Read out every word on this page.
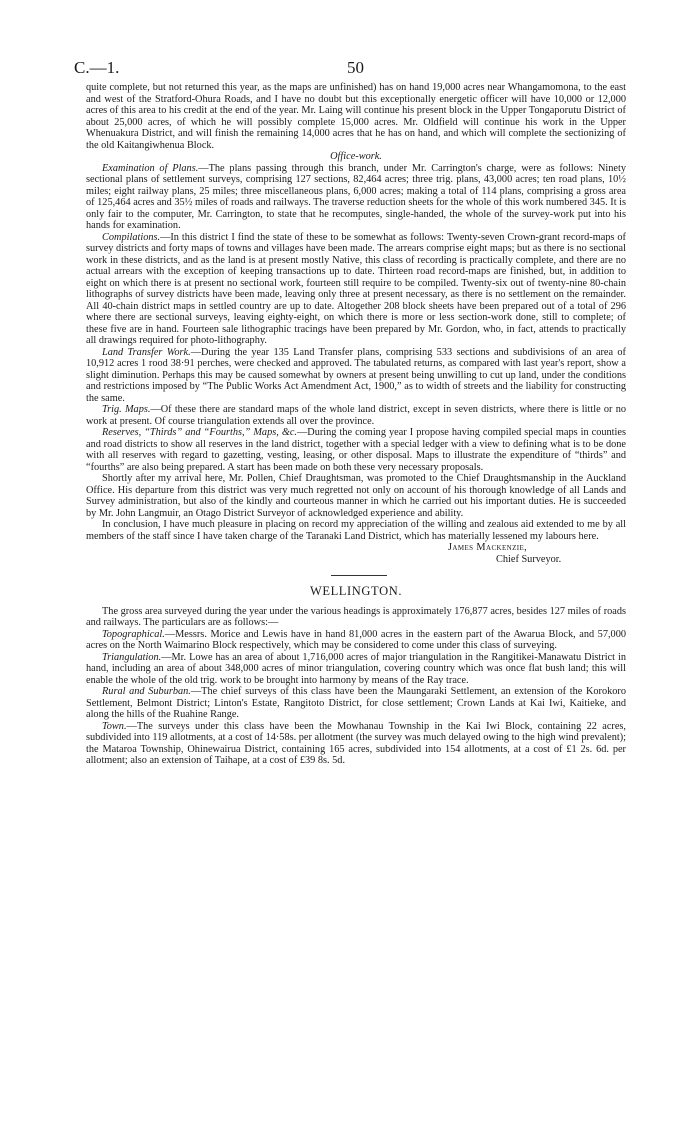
C.—1.	50

quite complete, but not returned this year, as the maps are unfinished) has on hand 19,000 acres near Whangamomona, to the east and west of the Stratford-Ohura Roads, and I have no doubt but this exceptionally energetic officer will have 10,000 or 12,000 acres of this area to his credit at the end of the year. Mr. Laing will continue his present block in the Upper Tongaporutu District of about 25,000 acres, of which he will possibly complete 15,000 acres. Mr. Oldfield will continue his work in the Upper Whenuakura District, and will finish the remaining 14,000 acres that he has on hand, and which will complete the sectionizing of the old Kaitangiwhenua Block.

Office-work.

Examination of Plans.—The plans passing through this branch, under Mr. Carrington's charge, were as follows: Ninety sectional plans of settlement surveys, comprising 127 sections, 82,464 acres; three trig. plans, 43,000 acres; ten road plans, 10½ miles; eight railway plans, 25 miles; three miscellaneous plans, 6,000 acres; making a total of 114 plans, comprising a gross area of 125,464 acres and 35½ miles of roads and railways. The traverse reduction sheets for the whole of this work numbered 345. It is only fair to the computer, Mr. Carrington, to state that he recomputes, single-handed, the whole of the survey-work put into his hands for examination.

Compilations.—In this district I find the state of these to be somewhat as follows: Twenty-seven Crown-grant record-maps of survey districts and forty maps of towns and villages have been made. The arrears comprise eight maps; but as there is no sectional work in these districts, and as the land is at present mostly Native, this class of recording is practically complete, and there are no actual arrears with the exception of keeping transactions up to date. Thirteen road record-maps are finished, but, in addition to eight on which there is at present no sectional work, fourteen still require to be compiled. Twenty-six out of twenty-nine 80-chain lithographs of survey districts have been made, leaving only three at present necessary, as there is no settlement on the remainder. All 40-chain district maps in settled country are up to date. Altogether 208 block sheets have been prepared out of a total of 296 where there are sectional surveys, leaving eighty-eight, on which there is more or less section-work done, still to complete; of these five are in hand. Fourteen sale lithographic tracings have been prepared by Mr. Gordon, who, in fact, attends to practically all drawings required for photo-lithography.

Land Transfer Work.—During the year 135 Land Transfer plans, comprising 533 sections and subdivisions of an area of 10,912 acres 1 rood 38·91 perches, were checked and approved. The tabulated returns, as compared with last year's report, show a slight diminution. Perhaps this may be caused somewhat by owners at present being unwilling to cut up land, under the conditions and restrictions imposed by “The Public Works Act Amendment Act, 1900,” as to width of streets and the liability for constructing the same.

Trig. Maps.—Of these there are standard maps of the whole land district, except in seven districts, where there is little or no work at present. Of course triangulation extends all over the province.

Reserves, “Thirds” and “Fourths,” Maps, &c.—During the coming year I propose having compiled special maps in counties and road districts to show all reserves in the land district, together with a special ledger with a view to defining what is to be done with all reserves with regard to gazetting, vesting, leasing, or other disposal. Maps to illustrate the expenditure of “thirds” and “fourths” are also being prepared. A start has been made on both these very necessary proposals.

Shortly after my arrival here, Mr. Pollen, Chief Draughtsman, was promoted to the Chief Draughtsmanship in the Auckland Office. His departure from this district was very much regretted not only on account of his thorough knowledge of all Lands and Survey administration, but also of the kindly and courteous manner in which he carried out his important duties. He is succeeded by Mr. John Langmuir, an Otago District Surveyor of acknowledged experience and ability.

In conclusion, I have much pleasure in placing on record my appreciation of the willing and zealous aid extended to me by all members of the staff since I have taken charge of the Taranaki Land District, which has materially lessened my labours here.

James Mackenzie,
Chief Surveyor.
WELLINGTON.

The gross area surveyed during the year under the various headings is approximately 176,877 acres, besides 127 miles of roads and railways. The particulars are as follows:—

Topographical.—Messrs. Morice and Lewis have in hand 81,000 acres in the eastern part of the Awarua Block, and 57,000 acres on the North Waimarino Block respectively, which may be considered to come under this class of surveying.

Triangulation.—Mr. Lowe has an area of about 1,716,000 acres of major triangulation in the Rangitikei-Manawatu District in hand, including an area of about 348,000 acres of minor triangulation, covering country which was once flat bush land; this will enable the whole of the old trig. work to be brought into harmony by means of the Ray trace.

Rural and Suburban.—The chief surveys of this class have been the Maungaraki Settlement, an extension of the Korokoro Settlement, Belmont District; Linton's Estate, Rangitoto District, for close settlement; Crown Lands at Kai Iwi, Kaitieke, and along the hills of the Ruahine Range.

Town.—The surveys under this class have been the Mowhanau Township in the Kai Iwi Block, containing 22 acres, subdivided into 119 allotments, at a cost of 14·58s. per allotment (the survey was much delayed owing to the high wind prevalent); the Mataroa Township, Ohinewairua District, containing 165 acres, subdivided into 154 allotments, at a cost of £1 2s. 6d. per allotment; also an extension of Taihape, at a cost of £39 8s. 5d.
